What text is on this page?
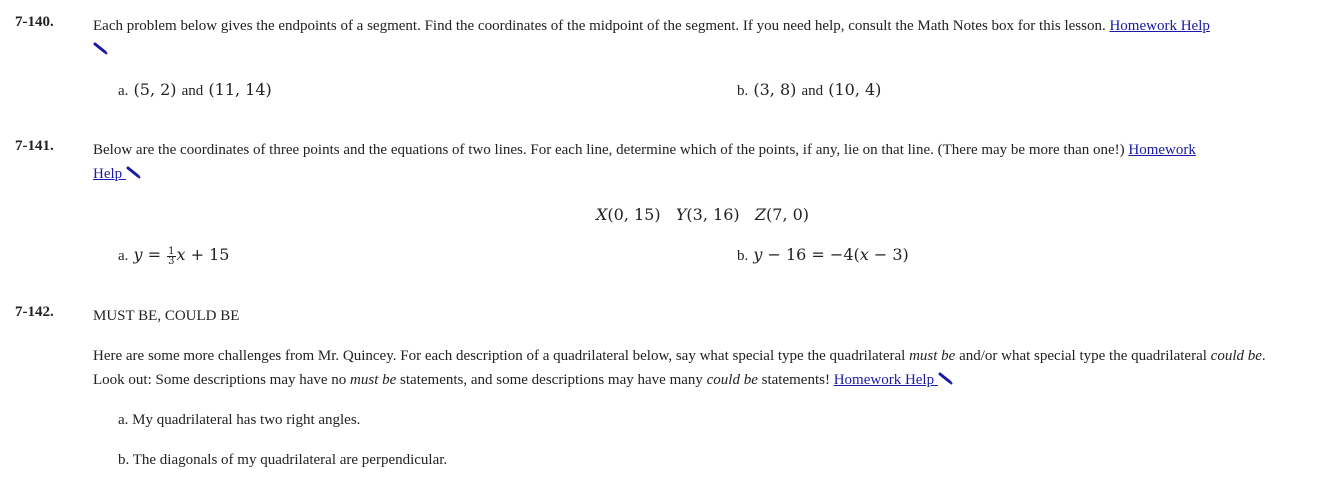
7-140.	Each problem below gives the endpoints of a segment. Find the coordinates of the midpoint of the segment. If you need help, consult the Math Notes box for this lesson. Homework Help

a. (5, 2) and (11, 14)	b. (3, 8) and (10, 4)
7-141.	Below are the coordinates of three points and the equations of two lines. For each line, determine which of the points, if any, lie on that line. (There may be more than one!) Homework
Help
X(0, 15) Y(3, 16) Z(7, 0)
a. $y = \frac{1}{3}$ x + 15	b. y − 16 = −4(x − 3)
7-142.	MUST BE, COULD BE
Here are some more challenges from Mr. Quincey. For each description of a quadrilateral below, say what special type the quadrilateral must be and/or what special type the quadrilateral could be. Look out: Some descriptions may have no must be statements, and some descriptions may have many could be statements! Homework Help
a. My quadrilateral has two right angles.
b. The diagonals of my quadrilateral are perpendicular.
